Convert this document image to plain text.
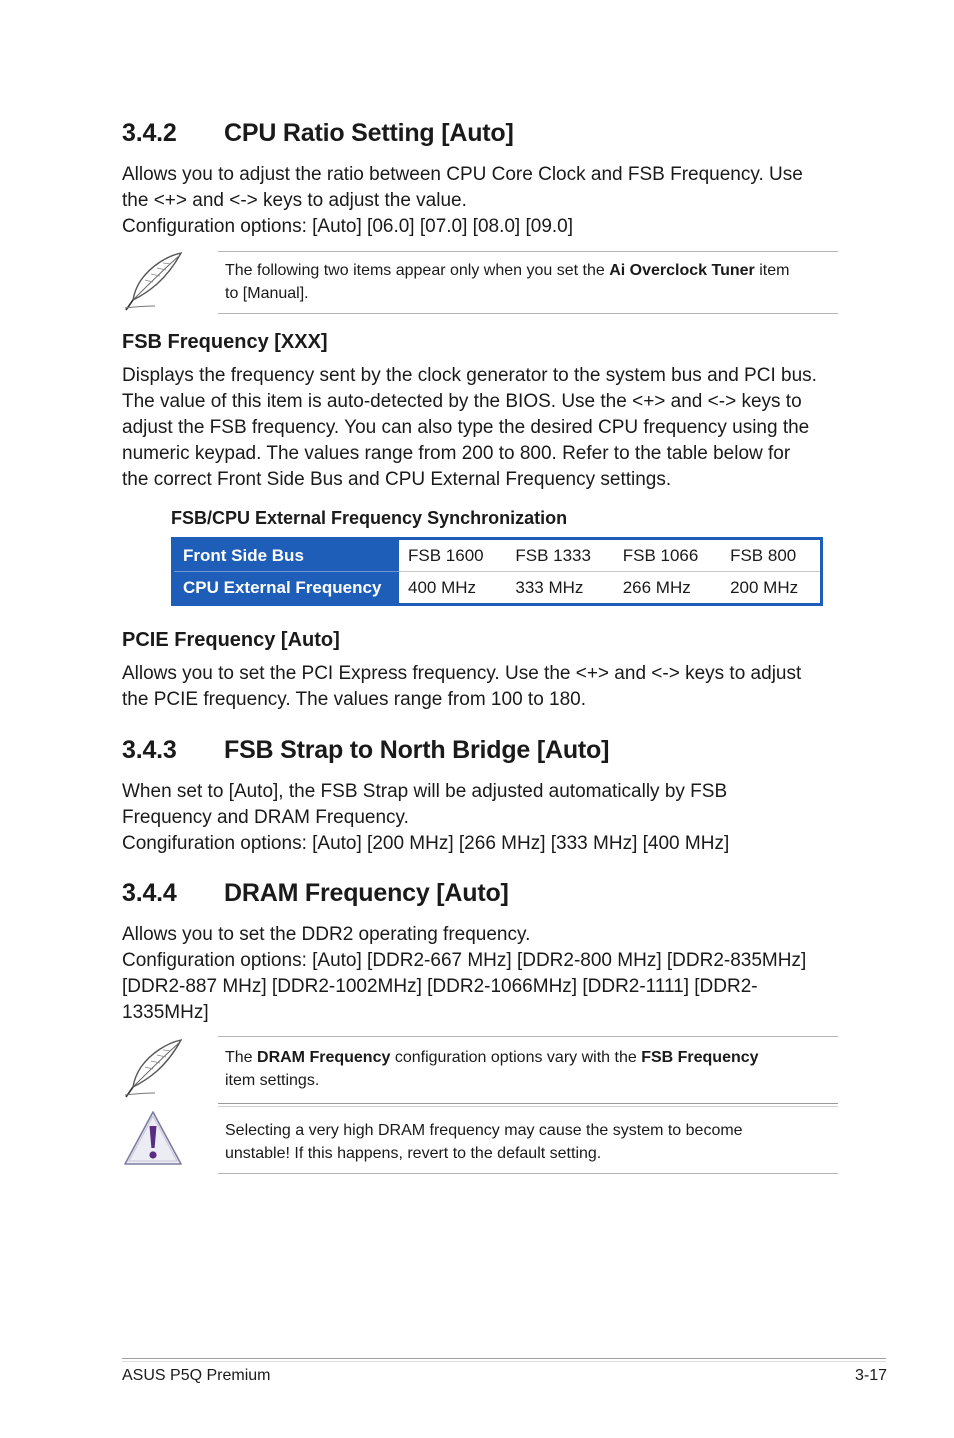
3.4.2 CPU Ratio Setting [Auto]
Allows you to adjust the ratio between CPU Core Clock and FSB Frequency. Use
the <+> and <-> keys to adjust the value.
Configuration options: [Auto] [06.0] [07.0] [08.0] [09.0]
The following two items appear only when you set the Ai Overclock Tuner item
to [Manual].
FSB Frequency [XXX]
Displays the frequency sent by the clock generator to the system bus and PCI bus.
The value of this item is auto-detected by the BIOS. Use the <+> and <-> keys to
adjust the FSB frequency. You can also type the desired CPU frequency using the
numeric keypad. The values range from 200 to 800. Refer to the table below for
the correct Front Side Bus and CPU External Frequency settings.
FSB/CPU External Frequency Synchronization
Front Side Bus	FSB 1600	FSB 1333	FSB 1066	FSB 800
CPU External Frequency	400 MHz	333 MHz	266 MHz	200 MHz
PCIE Frequency [Auto]
Allows you to set the PCI Express frequency. Use the <+> and <-> keys to adjust
the PCIE frequency. The values range from 100 to 180.
3.4.3 FSB Strap to North Bridge [Auto]
When set to [Auto], the FSB Strap will be adjusted automatically by FSB
Frequency and DRAM Frequency.
Congifuration options: [Auto] [200 MHz] [266 MHz] [333 MHz] [400 MHz]
3.4.4 DRAM Frequency [Auto]
Allows you to set the DDR2 operating frequency.
Configuration options: [Auto] [DDR2-667 MHz] [DDR2-800 MHz] [DDR2-835MHz]
[DDR2-887 MHz] [DDR2-1002MHz] [DDR2-1066MHz] [DDR2-1111] [DDR2-
1335MHz]
The DRAM Frequency configuration options vary with the FSB Frequency
item settings.
Selecting a very high DRAM frequency may cause the system to become
unstable! If this happens, revert to the default setting.
ASUS P5Q Premium	3-17
